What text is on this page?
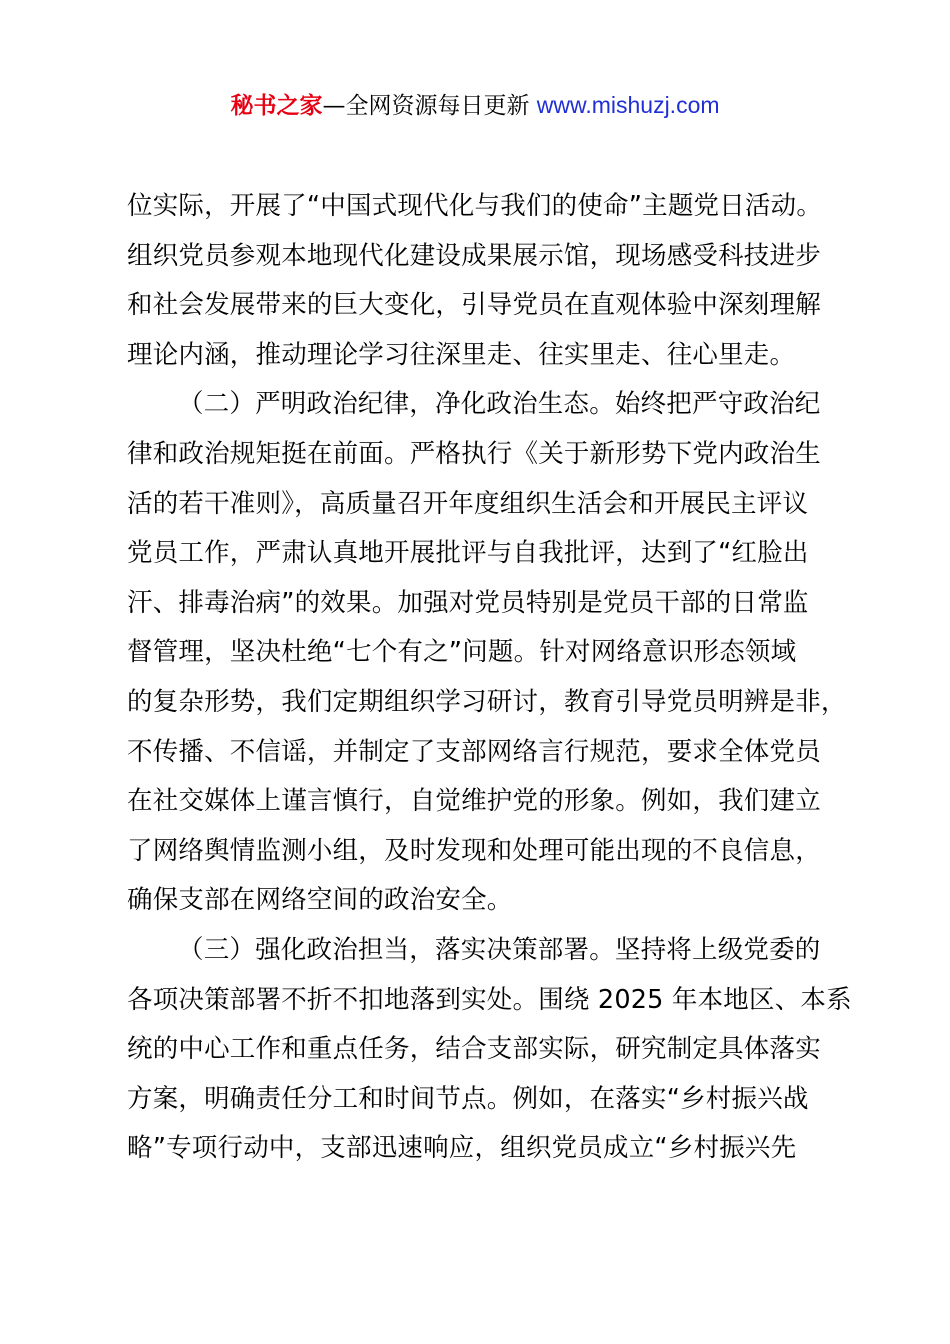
秘书之家—全网资源每日更新 www.mishuzj.com
位实际，开展了“中国式现代化与我们的使命”主题党日活动。
组织党员参观本地现代化建设成果展示馆，现场感受科技进步
和社会发展带来的巨大变化，引导党员在直观体验中深刻理解
理论内涵，推动理论学习往深里走、往实里走、往心里走。
（二）严明政治纪律，净化政治生态。始终把严守政治纪
律和政治规矩挺在前面。严格执行《关于新形势下党内政治生
活的若干准则》，高质量召开年度组织生活会和开展民主评议
党员工作，严肃认真地开展批评与自我批评，达到了“红脸出
汗、排毒治病”的效果。加强对党员特别是党员干部的日常监
督管理，坚决杜绝“七个有之”问题。针对网络意识形态领域
的复杂形势，我们定期组织学习研讨，教育引导党员明辨是非，
不传播、不信谣，并制定了支部网络言行规范，要求全体党员
在社交媒体上谨言慎行，自觉维护党的形象。例如，我们建立
了网络舆情监测小组，及时发现和处理可能出现的不良信息，
确保支部在网络空间的政治安全。
（三）强化政治担当，落实决策部署。坚持将上级党委的
各项决策部署不折不扣地落到实处。围绕 2025 年本地区、本系
统的中心工作和重点任务，结合支部实际，研究制定具体落实
方案，明确责任分工和时间节点。例如，在落实“乡村振兴战
略”专项行动中，支部迅速响应，组织党员成立“乡村振兴先
